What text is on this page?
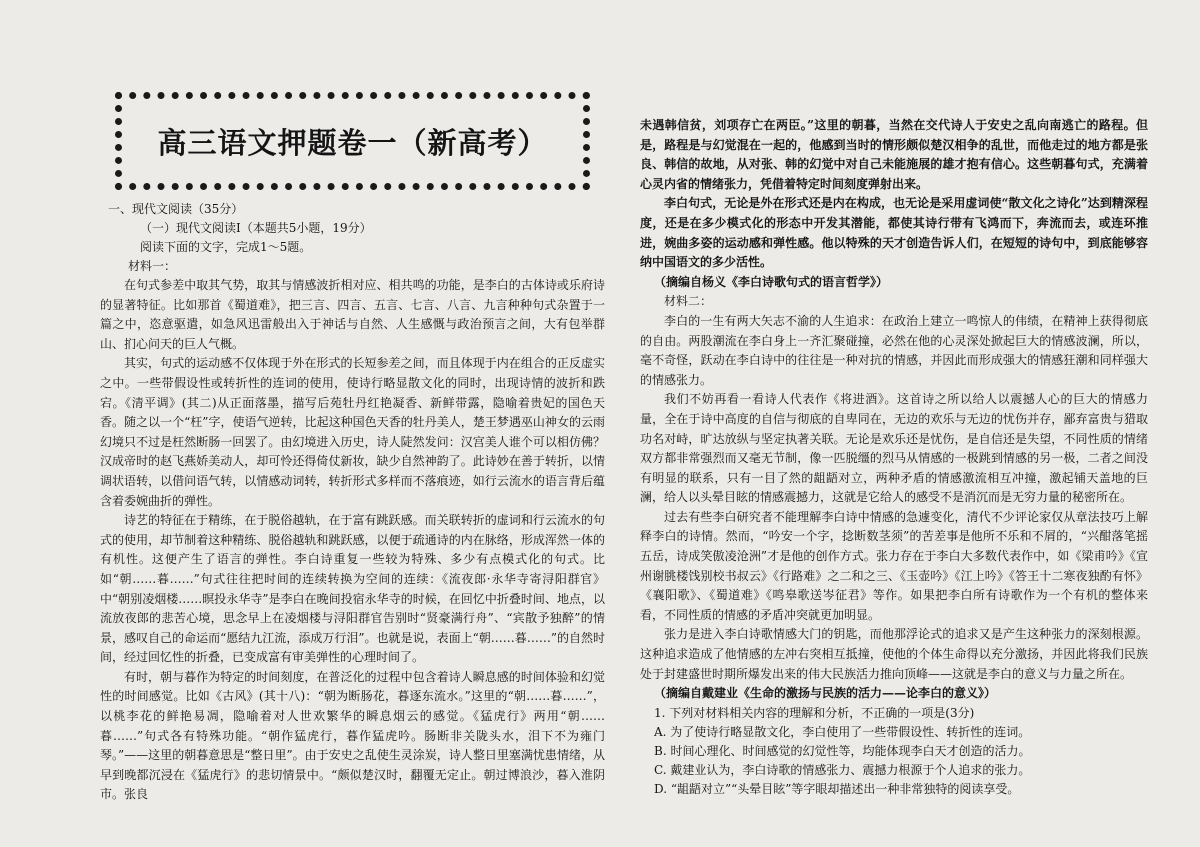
高三语文押题卷一（新高考）

一、现代文阅读（35分）

（一）现代文阅读Ⅰ（本题共5小题，19分）

阅读下面的文字，完成1～5题。

材料一：

在句式参差中取其气势，取其与情感波折相对应、相共鸣的功能，是李白的古体诗或乐府诗的显著特征。比如那首《蜀道难》，把三言、四言、五言、七言、八言、九言种种句式杂置于一篇之中，恣意驱遣，如急风迅雷般出入于神话与自然、人生感慨与政治预言之间，大有包举群山、扪心问天的巨人气概。

其实，句式的运动感不仅体现于外在形式的长短参差之间，而且体现于内在组合的正反虚实之中。一些带假设性或转折性的连词的使用，使诗行略显散文化的同时，出现诗情的波折和跌宕。《清平调》(其二)从正面落墨，描写后苑牡丹红艳凝香、新鲜带露，隐喻着贵妃的国色天香。随之以一个“枉”字，使语气逆转，比起这种国色天香的牡丹美人，楚王梦遇巫山神女的云雨幻境只不过是枉然断肠一回罢了。由幻境进入历史，诗人陡然发问：汉宫美人谁个可以相仿佛？汉成帝时的赵飞燕娇美动人，却可怜还得倚仗新妆，缺少自然神韵了。此诗妙在善于转折，以情调状语转，以借问语气转，以情感动词转，转折形式多样而不落痕迹，如行云流水的语言背后蕴含着委婉曲折的弹性。

诗艺的特征在于精练，在于脱俗越轨，在于富有跳跃感。而关联转折的虚词和行云流水的句式的使用，却节制着这种精练、脱俗越轨和跳跃感，以便于疏通诗的内在脉络，形成浑然一体的有机性。这便产生了语言的弹性。李白诗重复一些较为特殊、多少有点模式化的句式。比如“朝……暮……”句式往往把时间的连续转换为空间的连续：《流夜郎·永华寺寄浔阳群官》中“朝别凌烟楼……暝投永华寺”是李白在晚间投宿永华寺的时候，在回忆中折叠时间、地点，以流放夜郎的悲苦心境，思念早上在凌烟楼与浔阳群官告别时“贤豪满行舟”、“宾散予独醉”的情景，感叹自己的命运而“愿结九江流，添成万行泪”。也就是说，表面上“朝……暮……”的自然时间，经过回忆性的折叠，已变成富有审美弹性的心理时间了。

有时，朝与暮作为特定的时间刻度，在普泛化的过程中包含着诗人瞬息感的时间体验和幻觉性的时间感觉。比如《古风》(其十八)：“朝为断肠花，暮逐东流水。”这里的“朝……暮……”，以桃李花的鲜艳易凋，隐喻着对人世欢繁华的瞬息烟云的感觉。《猛虎行》两用“朝……暮……”句式各有特殊功能。“朝作猛虎行，暮作猛虎吟。肠断非关陇头水，泪下不为雍门琴。”——这里的朝暮意思是“整日里”。由于安史之乱使生灵涂炭，诗人整日里塞满忧患情绪，从早到晚都沉浸在《猛虎行》的悲切情景中。“颇似楚汉时，翻覆无定止。朝过博浪沙，暮入淮阴市。张良

未遇韩信贫，刘项存亡在两臣。”这里的朝暮，当然在交代诗人于安史之乱向南逃亡的路程。但是，路程是与幻觉混在一起的，他感到当时的情形颇似楚汉相争的乱世，而他走过的地方都是张良、韩信的故地，从对张、韩的幻觉中对自己未能施展的雄才抱有信心。这些朝暮句式，充满着心灵内省的情绪张力，凭借着特定时间刻度弹射出来。

李白句式，无论是外在形式还是内在构成，也无论是采用虚词使“散文化之诗化”达到精深程度，还是在多少模式化的形态中开发其潜能，都使其诗行带有飞鸿而下，奔流而去，或连环推进，婉曲多姿的运动感和弹性感。他以特殊的天才创造告诉人们，在短短的诗句中，到底能够容纳中国语文的多少活性。

（摘编自杨义《李白诗歌句式的语言哲学》）

材料二：

李白的一生有两大矢志不渝的人生追求：在政治上建立一鸣惊人的伟绩，在精神上获得彻底的自由。两股潮流在李白身上一齐汇聚碰撞，必然在他的心灵深处掀起巨大的情感波澜，所以，毫不奇怪，跃动在李白诗中的往往是一种对抗的情感，并因此而形成强大的情感狂潮和同样强大的情感张力。

我们不妨再看一看诗人代表作《将进酒》。这首诗之所以给人以震撼人心的巨大的情感力量，全在于诗中高度的自信与彻底的自卑同在，无边的欢乐与无边的忧伤并存，鄙弃富贵与猎取功名对峙，旷达放纵与坚定执著关联。无论是欢乐还是忧伤，是自信还是失望，不同性质的情绪双方都非常强烈而又毫无节制，像一匹脱缰的烈马从情感的一极跳到情感的另一极，二者之间没有明显的联系，只有一目了然的龃龉对立，两种矛盾的情感激流相互冲撞，激起铺天盖地的巨澜，给人以头晕目眩的情感震撼力，这就是它给人的感受不是消沉而是无穷力量的秘密所在。

过去有些李白研究者不能理解李白诗中情感的急遽变化，清代不少评论家仅从章法技巧上解释李白的诗情。然而，“吟安一个字，捻断数茎须”的苦差事是他所不乐和不屑的，“兴酣落笔摇五岳，诗成笑傲凌沧洲”才是他的创作方式。张力存在于李白大多数代表作中，如《梁甫吟》《宣州谢朓楼饯别校书叔云》《行路难》之二和之三、《玉壶吟》《江上吟》《答王十二寒夜独酌有怀》《襄阳歌》、《蜀道难》《鸣皋歌送岑征君》等作。如果把李白所有诗歌作为一个有机的整体来看，不同性质的情感的矛盾冲突就更加明显。

张力是进入李白诗歌情感大门的钥匙，而他那浮论式的追求又是产生这种张力的深刻根源。这种追求造成了他情感的左冲右突相互抵撞，使他的个体生命得以充分激扬，并因此将我们民族处于封建盛世时期所爆发出来的伟大民族活力推向顶峰——这就是李白的意义与力量之所在。

（摘编自戴建业《生命的激扬与民族的活力——论李白的意义》）

1. 下列对材料相关内容的理解和分析，不正确的一项是(3分)

A. 为了使诗行略显散文化，李白使用了一些带假设性、转折性的连词。

B. 时间心理化、时间感觉的幻觉性等，均能体现李白天才创造的活力。

C. 戴建业认为，李白诗歌的情感张力、震撼力根源于个人追求的张力。

D. “龃龉对立”“头晕目眩”等字眼却描述出一种非常独特的阅读享受。
